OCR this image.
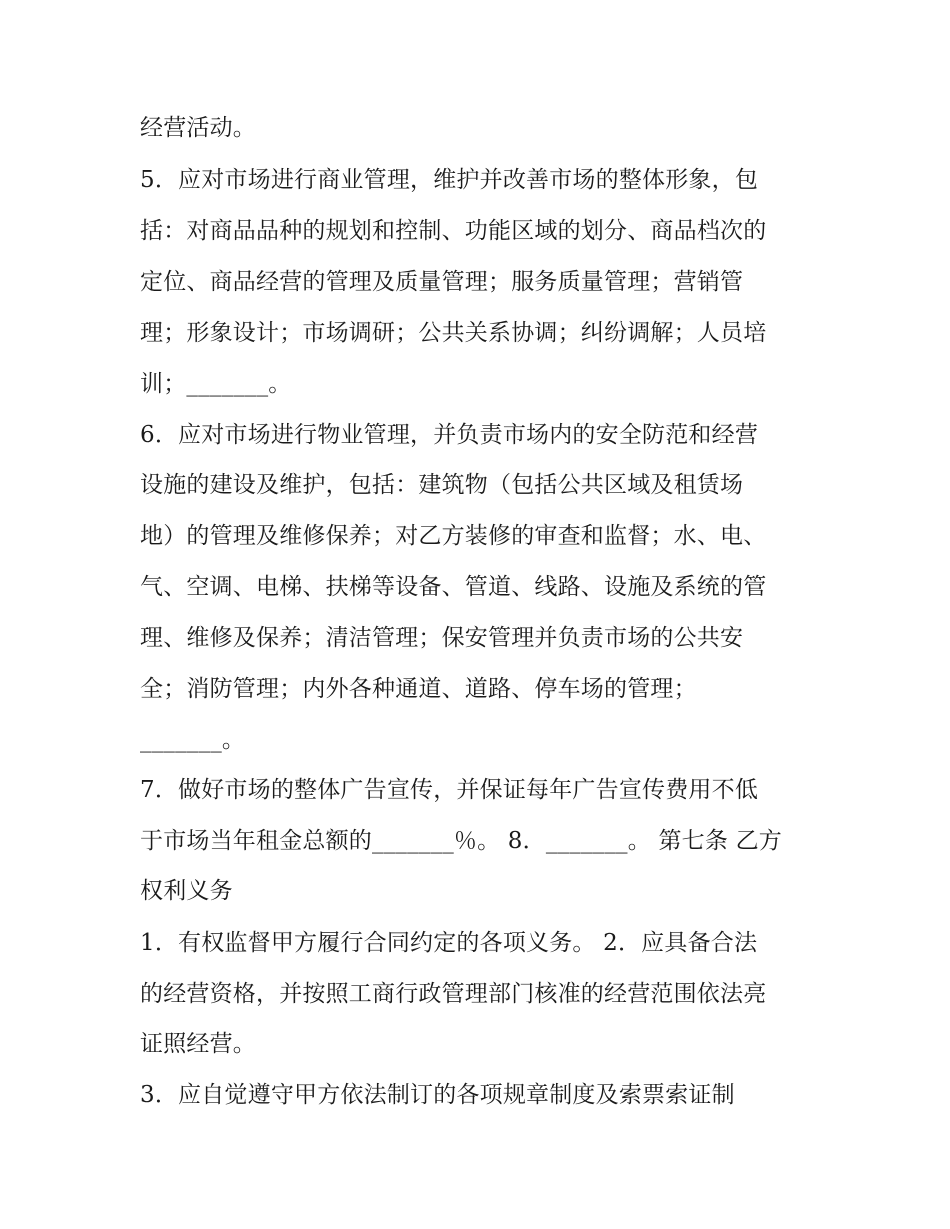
经营活动。
5．应对市场进行商业管理，维护并改善市场的整体形象，包
括：对商品品种的规划和控制、功能区域的划分、商品档次的
定位、商品经营的管理及质量管理；服务质量管理；营销管
理；形象设计；市场调研；公共关系协调；纠纷调解；人员培
训；_______。
6．应对市场进行物业管理，并负责市场内的安全防范和经营
设施的建设及维护，包括：建筑物（包括公共区域及租赁场
地）的管理及维修保养；对乙方装修的审查和监督；水、电、
气、空调、电梯、扶梯等设备、管道、线路、设施及系统的管
理、维修及保养；清洁管理；保安管理并负责市场的公共安
全；消防管理；内外各种通道、道路、停车场的管理；
_______。
7．做好市场的整体广告宣传，并保证每年广告宣传费用不低
于市场当年租金总额的_______％。 8．_______。 第七条 乙方
权利义务
1．有权监督甲方履行合同约定的各项义务。 2．应具备合法
的经营资格，并按照工商行政管理部门核准的经营范围依法亮
证照经营。
3．应自觉遵守甲方依法制订的各项规章制度及索票索证制
